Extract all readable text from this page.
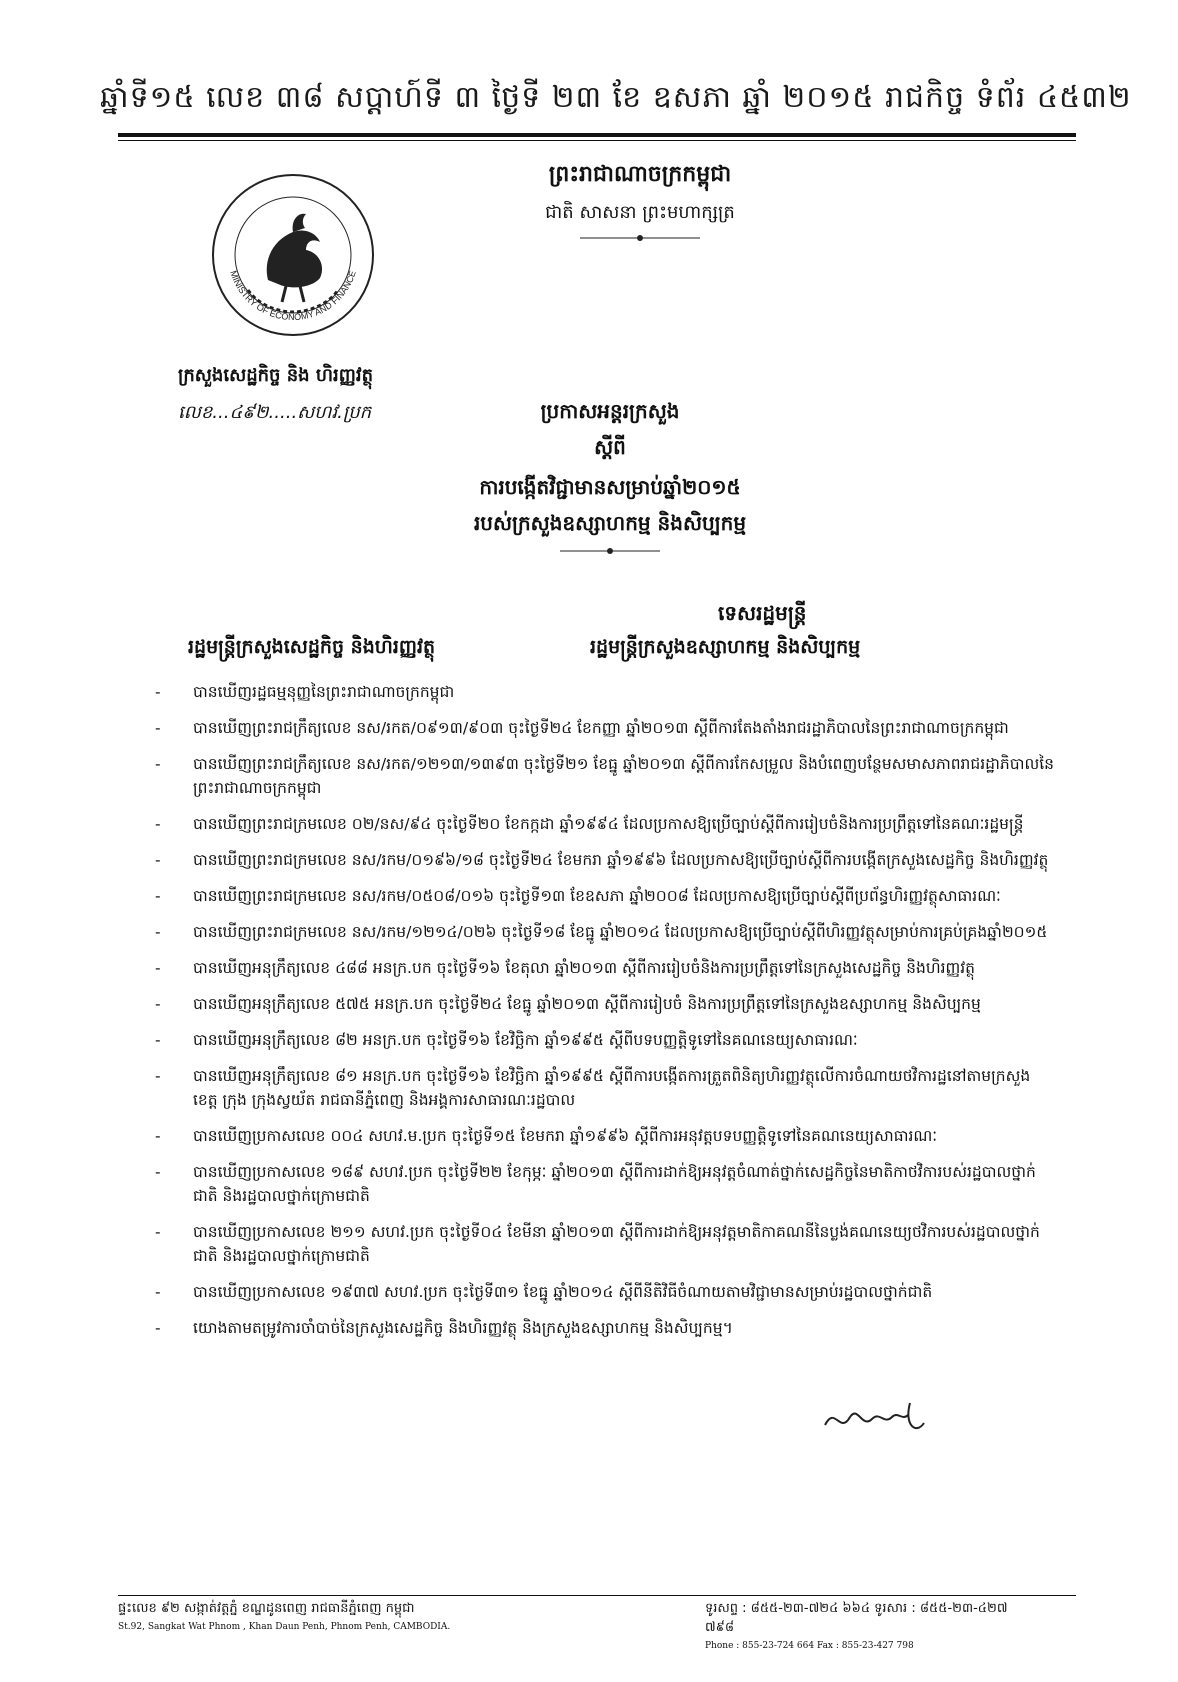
ឆ្នាំទី១៥ លេខ ៣៨ សប្តាហ៍ទី ៣ ថ្ងៃទី ២៣ ខែ ឧសភា ឆ្នាំ ២០១៥ រាជកិច្ច ទំព័រ ៤៥៣២
MINISTRY OF ECONOMY AND FINANCE
ព្រះរាជាណាចក្រកម្ពុជា
ជាតិ សាសនា ព្រះមហាក្សត្រ
ក្រសួងសេដ្ឋកិច្ច និង ហិរញ្ញវត្ថុ
លេខ...៤៩២.....សហវ.ប្រក	ប្រកាសអន្តរក្រសួង
ស្តីពី
ការបង្កើតវិជ្ជាមានសម្រាប់ឆ្នាំ២០១៥
របស់ក្រសួងឧស្សាហកម្ម និងសិប្បកម្ម
ទេសរដ្ឋមន្ត្រី
រដ្ឋមន្ត្រីក្រសួងសេដ្ឋកិច្ច និងហិរញ្ញវត្ថុ	រដ្ឋមន្ត្រីក្រសួងឧស្សាហកម្ម និងសិប្បកម្ម
- បានឃើញរដ្ឋធម្មនុញ្ញនៃព្រះរាជាណាចក្រកម្ពុជា
- បានឃើញព្រះរាជក្រឹត្យលេខ នស/រកត/០៩១៣/៩០៣ ចុះថ្ងៃទី២៤ ខែកញ្ញា ឆ្នាំ២០១៣ ស្តីពីការតែងតាំងរាជរដ្ឋាភិបាលនៃព្រះរាជាណាចក្រកម្ពុជា
- បានឃើញព្រះរាជក្រឹត្យលេខ នស/រកត/១២១៣/១៣៩៣ ចុះថ្ងៃទី២១ ខែធ្នូ ឆ្នាំ២០១៣ ស្តីពីការកែសម្រួល និងបំពេញបន្ថែមសមាសភាពរាជរដ្ឋាភិបាលនៃព្រះរាជាណាចក្រកម្ពុជា
- បានឃើញព្រះរាជក្រមលេខ ០២/នស/៩៤ ចុះថ្ងៃទី២០ ខែកក្កដា ឆ្នាំ១៩៩៤ ដែលប្រកាសឱ្យប្រើច្បាប់ស្តីពីការរៀបចំនិងការប្រព្រឹត្តទៅនៃគណៈរដ្ឋមន្ត្រី
- បានឃើញព្រះរាជក្រមលេខ នស/រកម/០១៩៦/១៨ ចុះថ្ងៃទី២៤ ខែមករា ឆ្នាំ១៩៩៦ ដែលប្រកាសឱ្យប្រើច្បាប់ស្តីពីការបង្កើតក្រសួងសេដ្ឋកិច្ច និងហិរញ្ញវត្ថុ
- បានឃើញព្រះរាជក្រមលេខ នស/រកម/០៥០៨/០១៦ ចុះថ្ងៃទី១៣ ខែឧសភា ឆ្នាំ២០០៨ ដែលប្រកាសឱ្យប្រើច្បាប់ស្តីពីប្រព័ន្ធហិរញ្ញវត្ថុសាធារណៈ
- បានឃើញព្រះរាជក្រមលេខ នស/រកម/១២១៤/០២៦ ចុះថ្ងៃទី១៨ ខែធ្នូ ឆ្នាំ២០១៤ ដែលប្រកាសឱ្យប្រើច្បាប់ស្តីពីហិរញ្ញវត្ថុសម្រាប់ការគ្រប់គ្រងឆ្នាំ២០១៥
- បានឃើញអនុក្រឹត្យលេខ ៤៨៨ អនក្រ.បក ចុះថ្ងៃទី១៦ ខែតុលា ឆ្នាំ២០១៣ ស្តីពីការរៀបចំនិងការប្រព្រឹត្តទៅនៃក្រសួងសេដ្ឋកិច្ច និងហិរញ្ញវត្ថុ
- បានឃើញអនុក្រឹត្យលេខ ៥៧៥ អនក្រ.បក ចុះថ្ងៃទី២៤ ខែធ្នូ ឆ្នាំ២០១៣ ស្តីពីការរៀបចំ និងការប្រព្រឹត្តទៅនៃក្រសួងឧស្សាហកម្ម និងសិប្បកម្ម
- បានឃើញអនុក្រឹត្យលេខ ៨២ អនក្រ.បក ចុះថ្ងៃទី១៦ ខែវិច្ឆិកា ឆ្នាំ១៩៩៥ ស្តីពីបទបញ្ញត្តិទូទៅនៃគណនេយ្យសាធារណៈ
- បានឃើញអនុក្រឹត្យលេខ ៨១ អនក្រ.បក ចុះថ្ងៃទី១៦ ខែវិច្ឆិកា ឆ្នាំ១៩៩៥ ស្តីពីការបង្កើតការត្រួតពិនិត្យហិរញ្ញវត្ថុលើការចំណាយថវិការដ្ឋនៅតាមក្រសួង ខេត្ត ក្រុង ក្រុងស្វយ័ត រាជធានីភ្នំពេញ និងអង្គការសាធារណៈរដ្ឋបាល
- បានឃើញប្រកាសលេខ ០០៤ សហវ.ម.ប្រក ចុះថ្ងៃទី១៥ ខែមករា ឆ្នាំ១៩៩៦ ស្តីពីការអនុវត្តបទបញ្ញត្តិទូទៅនៃគណនេយ្យសាធារណៈ
- បានឃើញប្រកាសលេខ ១៨៩ សហវ.ប្រក ចុះថ្ងៃទី២២ ខែកុម្ភៈ ឆ្នាំ២០១៣ ស្តីពីការដាក់ឱ្យអនុវត្តចំណាត់ថ្នាក់សេដ្ឋកិច្ចនៃមាតិកាថវិការបស់រដ្ឋបាលថ្នាក់ជាតិ និងរដ្ឋបាលថ្នាក់ក្រោមជាតិ
- បានឃើញប្រកាសលេខ ២១១ សហវ.ប្រក ចុះថ្ងៃទី០៤ ខែមីនា ឆ្នាំ២០១៣ ស្តីពីការដាក់ឱ្យអនុវត្តមាតិកាគណនីនៃប្លង់គណនេយ្យថវិការបស់រដ្ឋបាលថ្នាក់ជាតិ និងរដ្ឋបាលថ្នាក់ក្រោមជាតិ
- បានឃើញប្រកាសលេខ ១៩៣៧ សហវ.ប្រក ចុះថ្ងៃទី៣១ ខែធ្នូ ឆ្នាំ២០១៤ ស្តីពីនីតិវិធីចំណាយតាមវិជ្ជាមានសម្រាប់រដ្ឋបាលថ្នាក់ជាតិ
- យោងតាមតម្រូវការចាំបាច់នៃក្រសួងសេដ្ឋកិច្ច និងហិរញ្ញវត្ថុ និងក្រសួងឧស្សាហកម្ម និងសិប្បកម្ម។
ផ្ទះលេខ ៩២ សង្កាត់វត្តភ្នំ ខណ្ឌដូនពេញ រាជធានីភ្នំពេញ កម្ពុជា
St.92, Sangkat Wat Phnom , Khan Daun Penh, Phnom Penh, CAMBODIA.
ទូរសព្ទ : ៨៥៥-២៣-៧២៤ ៦៦៤ ទូរសារ : ៨៥៥-២៣-៤២៧ ៧៩៨
Phone : 855-23-724 664 Fax : 855-23-427 798
